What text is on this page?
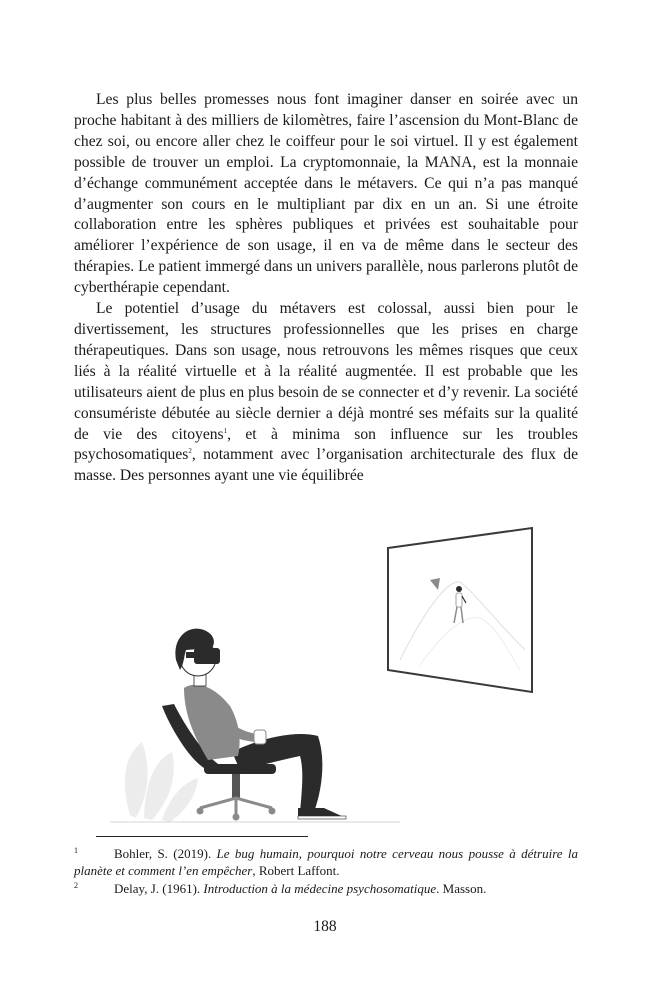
Les plus belles promesses nous font imaginer danser en soirée avec un proche habitant à des milliers de kilomètres, faire l’ascension du Mont-Blanc de chez soi, ou encore aller chez le coiffeur pour le soi virtuel. Il y est également possible de trouver un emploi. La cryptomonnaie, la MANA, est la monnaie d’échange communément acceptée dans le métavers. Ce qui n’a pas manqué d’augmenter son cours en le multipliant par dix en un an. Si une étroite collaboration entre les sphères publiques et privées est souhaitable pour améliorer l’expérience de son usage, il en va de même dans le secteur des thérapies. Le patient immergé dans un univers parallèle, nous parlerons plutôt de cyberthérapie cependant.

Le potentiel d’usage du métavers est colossal, aussi bien pour le divertissement, les structures professionnelles que les prises en charge thérapeutiques. Dans son usage, nous retrouvons les mêmes risques que ceux liés à la réalité virtuelle et à la réalité augmentée. Il est probable que les utilisateurs aient de plus en plus besoin de se connecter et d’y revenir. La société consumériste débutée au siècle dernier a déjà montré ses méfaits sur la qualité de vie des citoyens$^1$, et à minima son influence sur les troubles psychosomatiques$^2$, notamment avec l’organisation architecturale des flux de masse. Des personnes ayant une vie équilibrée

1	Bohler, S. (2019). Le bug humain, pourquoi notre cerveau nous pousse à détruire la planète et comment l’en empêcher, Robert Laffont.

2	Delay, J. (1961). Introduction à la médecine psychosomatique. Masson.

188
